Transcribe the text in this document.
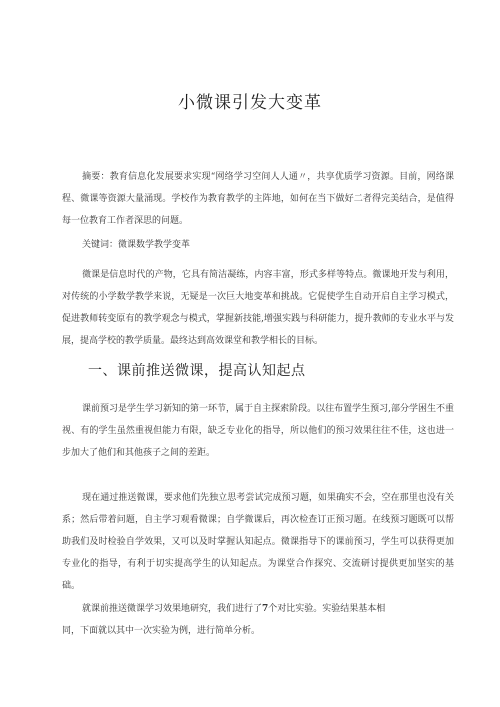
小微课引发大变革

摘要：教育信息化发展要求实现“网络学习空间人人通〃，共享优质学习资源。目前，网络课程、微课等资源大量涌现。学校作为教育教学的主阵地，如何在当下做好二者得完美结合，是值得每一位教育工作者深思的问题。

关键词：微课数学教学变革

微课是信息时代的产物，它具有简洁凝练，内容丰富，形式多样等特点。微课地开发与利用，对传统的小学数学教学来说，无疑是一次巨大地变革和挑战。它促使学生自动开启自主学习模式，促进教师转变原有的教学观念与模式，掌握新技能,增强实践与科研能力，提升教师的专业水平与发展，提高学校的教学质量。最终达到高效课堂和教学相长的目标。

一、课前推送微课，提高认知起点

课前预习是学生学习新知的第一环节，属于自主探索阶段。以往布置学生预习,部分学困生不重视、有的学生虽然重视但能力有限，缺乏专业化的指导，所以他们的预习效果往往不佳，这也进一步加大了他们和其他孩子之间的差距。

现在通过推送微课，要求他们先独立思考尝试完成预习题，如果确实不会，空在那里也没有关系；然后带着问题，自主学习观看微课；自学微课后，再次检查订正预习题。在线预习题既可以帮助我们及时检验自学效果，又可以及时掌握认知起点。微课指导下的课前预习，学生可以获得更加专业化的指导，有利于切实提高学生的认知起点。为课堂合作探究、交流研讨提供更加坚实的基础。

就课前推送微课学习效果地研究，我们进行了7个对比实验。实验结果基本相
同，下面就以其中一次实验为例，进行简单分析。
